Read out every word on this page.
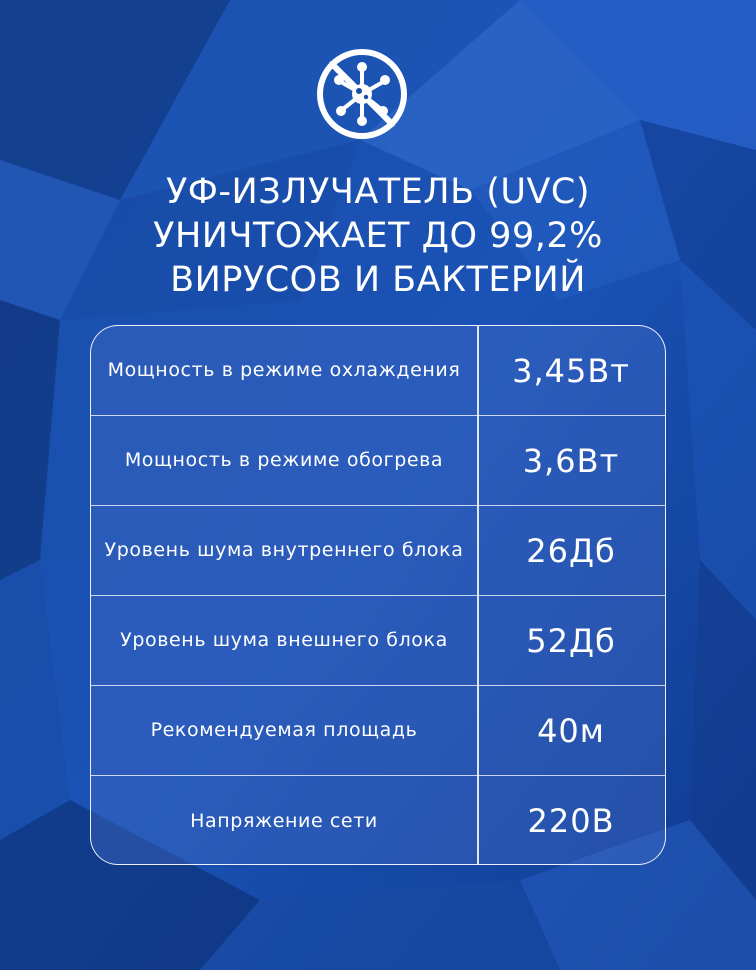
УФ-ИЗЛУЧАТЕЛЬ (UVC)
УНИЧТОЖАЕТ ДО 99,2%
ВИРУСОВ И БАКТЕРИЙ
Мощность в режиме охлаждения	3,45Вт
Мощность в режиме обогрева	3,6Вт
Уровень шума внутреннего блока	26Дб
Уровень шума внешнего блока	52Дб
Рекомендуемая площадь	40м
Напряжение сети	220В
